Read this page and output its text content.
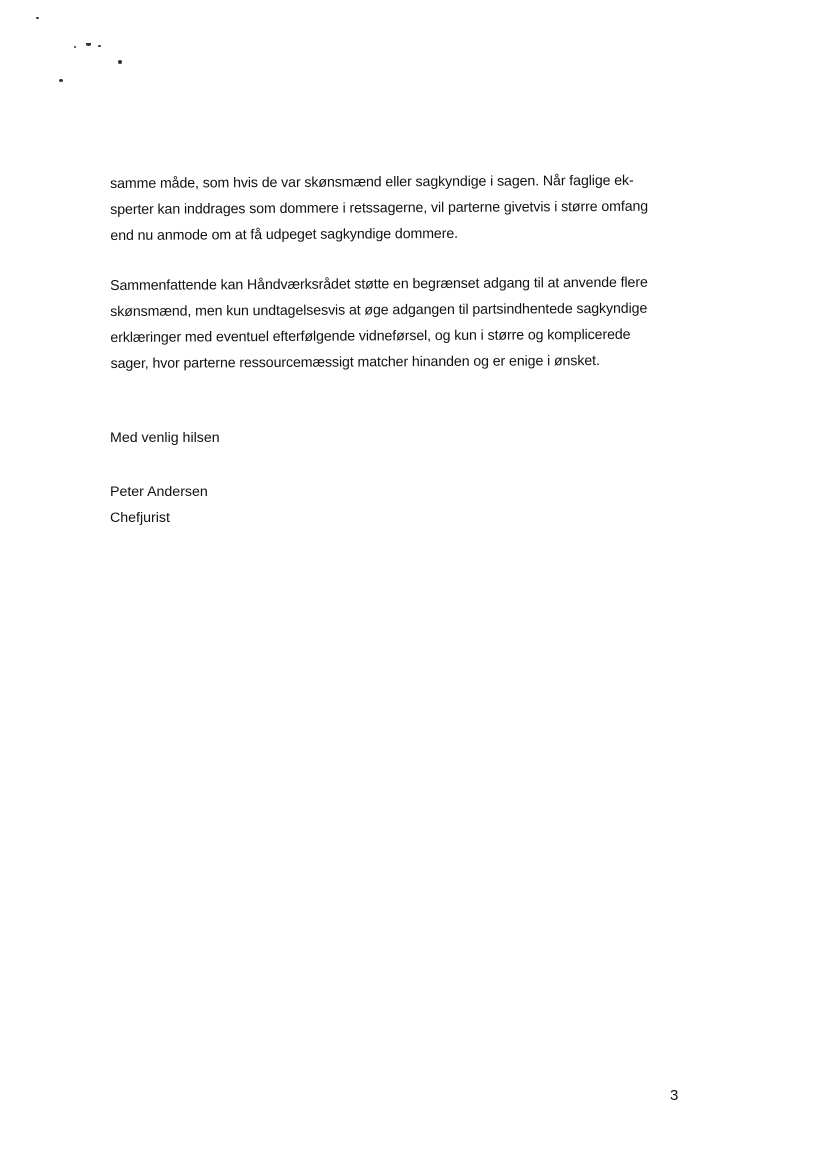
samme måde, som hvis de var skønsmænd eller sagkyndige i sagen. Når faglige ek-
sperter kan inddrages som dommere i retssagerne, vil parterne givetvis i større omfang
end nu anmode om at få udpeget sagkyndige dommere.

Sammenfattende kan Håndværksrådet støtte en begrænset adgang til at anvende flere
skønsmænd, men kun undtagelsesvis at øge adgangen til partsindhentede sagkyndige
erklæringer med eventuel efterfølgende vidneførsel, og kun i større og komplicerede
sager, hvor parterne ressourcemæssigt matcher hinanden og er enige i ønsket.

Med venlig hilsen

Peter Andersen
Chefjurist
3
